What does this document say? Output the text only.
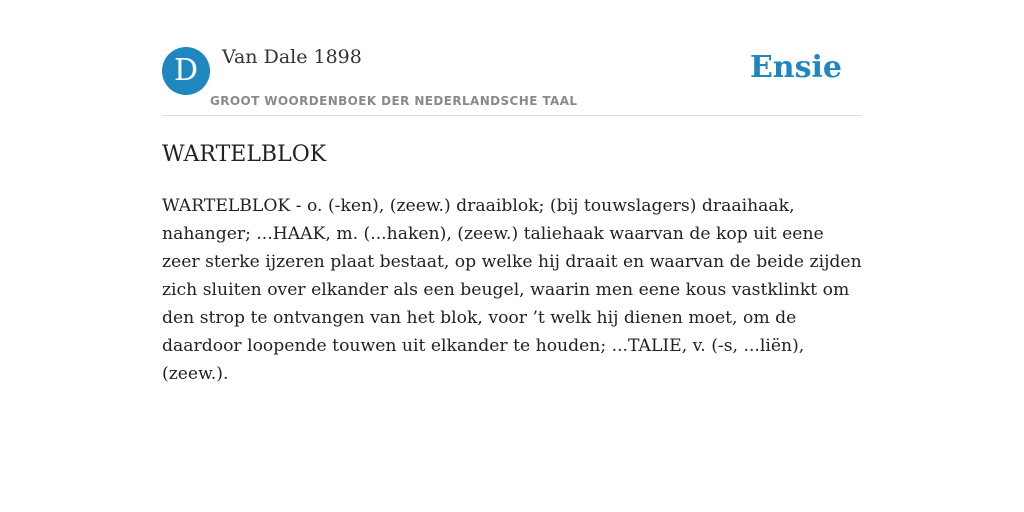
D	Van Dale 1898
GROOT WOORDENBOEK DER NEDERLANDSCHE TAAL
Ensie
WARTELBLOK

WARTELBLOK - o. (-ken), (zeew.) draaiblok; (bij touwslagers) draaihaak, nahanger; ...HAAK, m. (...haken), (zeew.) taliehaak waarvan de kop uit eene zeer sterke ijzeren plaat bestaat, op welke hij draait en waarvan de beide zijden zich sluiten over elkander als een beugel, waarin men eene kous vastklinkt om den strop te ontvangen van het blok, voor ’t welk hij dienen moet, om de daardoor loopende touwen uit elkander te houden; ...TALIE, v. (-s, ...liën), (zeew.).
